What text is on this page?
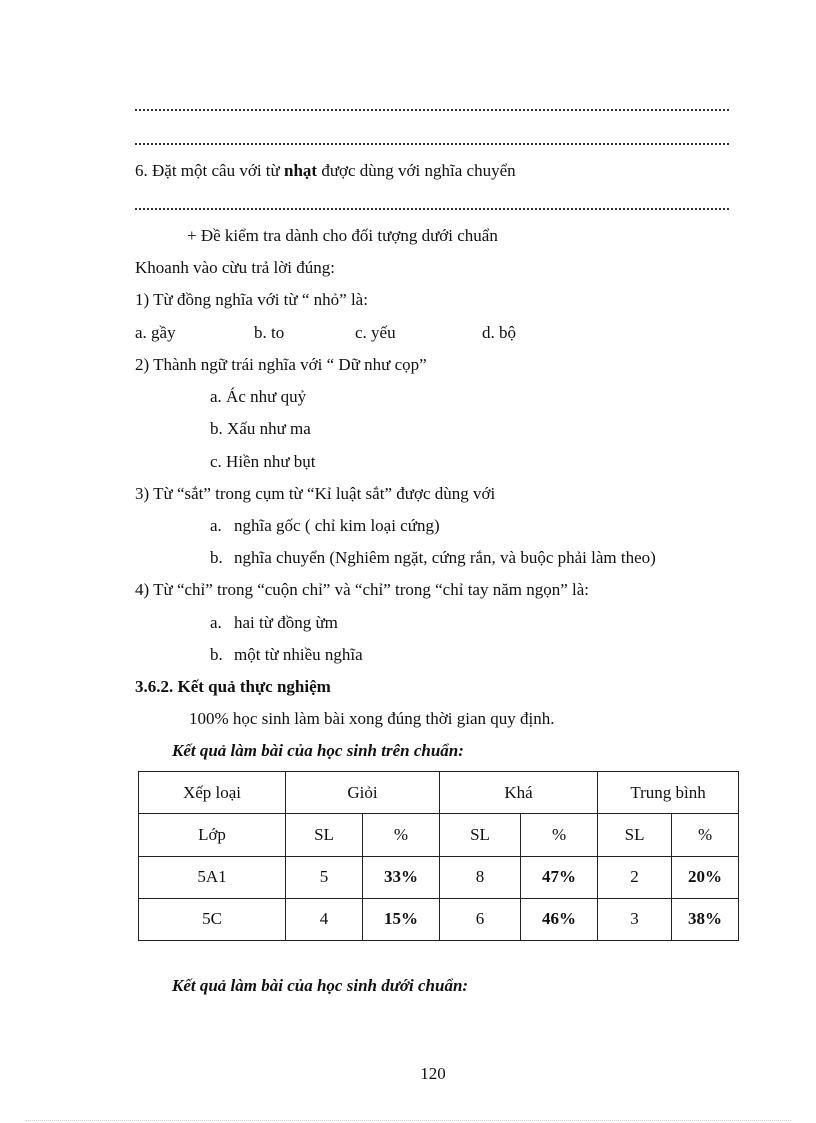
6. Đặt một câu với từ nhạt được dùng với nghĩa chuyển
+ Đề kiểm tra dành cho đối tượng dưới chuẩn
Khoanh vào cừu trả lời đúng:
1) Từ đồng nghĩa với từ “ nhỏ” là:
a. gầy	b. to	c. yếu	d. bộ
2) Thành ngữ trái nghĩa với “ Dữ như cọp”
a. Ác như quỷ
b. Xấu như ma
c. Hiền như bụt
3) Từ “sắt” trong cụm từ “Kỉ luật sắt” được dùng với
a. nghĩa gốc ( chỉ kim loại cứng)
b. nghĩa chuyển (Nghiêm ngặt, cứng rắn, và buộc phải làm theo)
4) Từ “chỉ” trong “cuộn chỉ” và “chỉ” trong “chỉ tay năm ngọn” là:
a. hai từ đồng ừm
b. một từ nhiều nghĩa
3.6.2. Kết quả thực nghiệm
100% học sinh làm bài xong đúng thời gian quy định.
Kết quả làm bài của học sinh trên chuẩn:
Xếp loại	Giỏi		Khá		Trung bình	
Lớp	SL	%	SL	%	SL	%
5A1	5	33%	8	47%	2	20%
5C	4	15%	6	46%	3	38%
Kết quả làm bài của học sinh dưới chuẩn:
120
